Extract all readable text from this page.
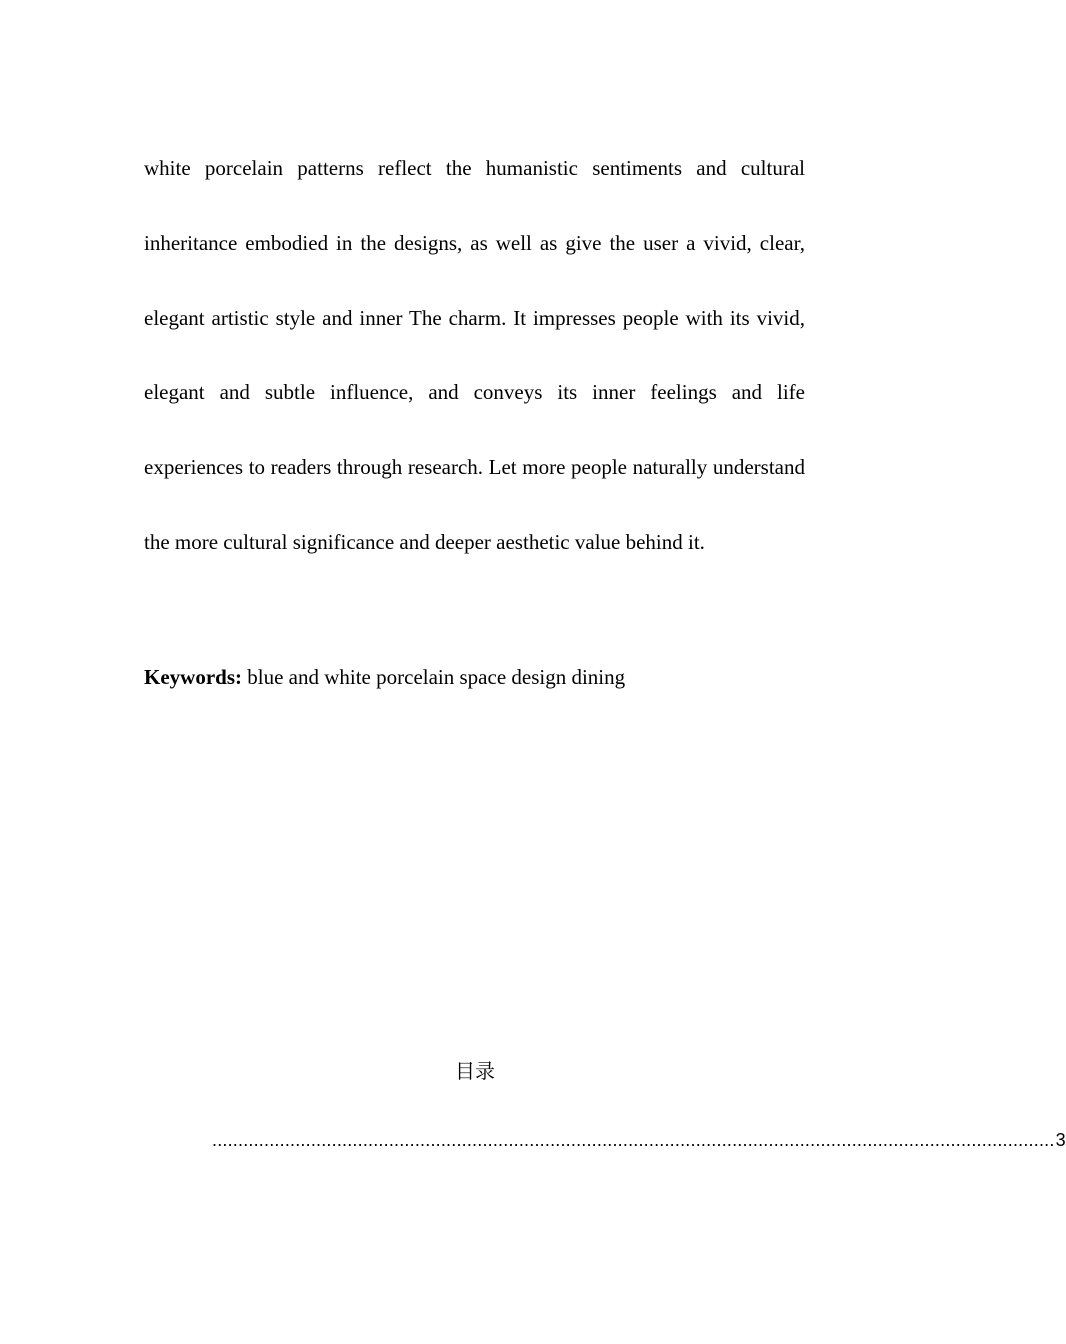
white porcelain patterns reflect the humanistic sentiments and cultural inheritance embodied in the designs, as well as give the user a vivid, clear, elegant artistic style and inner The charm. It impresses people with its vivid, elegant and subtle influence, and conveys its inner feelings and life experiences to readers through research. Let more people naturally understand the more cultural significance and deeper aesthetic value behind it.

Keywords: blue and white porcelain space design dining

目录
.................................................................................................................................................................. 3
